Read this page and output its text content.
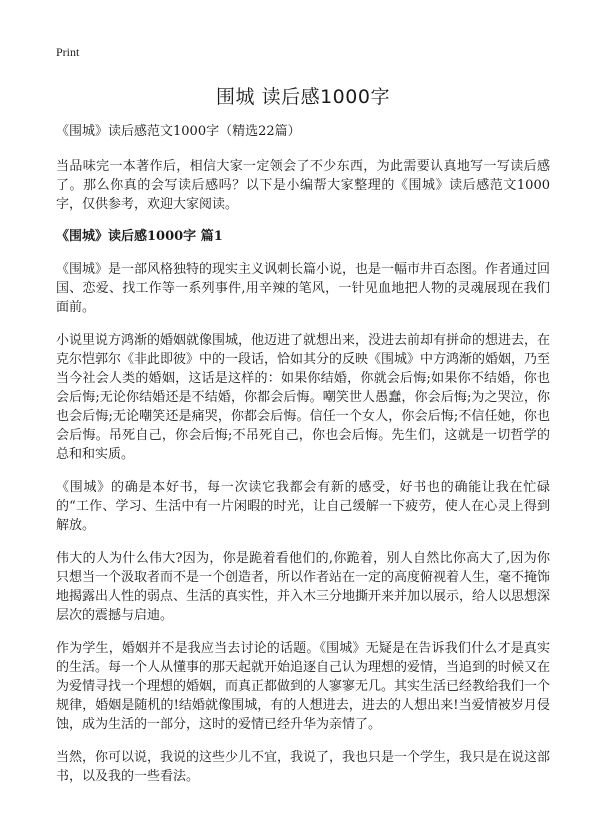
Print
围城 读后感1000字
《围城》读后感范文1000字（精选22篇）

当品味完一本著作后，相信大家一定领会了不少东西，为此需要认真地写一写读后感了。那么你真的会写读后感吗？以下是小编帮大家整理的《围城》读后感范文1000字，仅供参考，欢迎大家阅读。

《围城》读后感1000字 篇1

《围城》是一部风格独特的现实主义讽刺长篇小说，也是一幅市井百态图。作者通过回国、恋爱、找工作等一系列事件,用辛辣的笔风，一针见血地把人物的灵魂展现在我们面前。

小说里说方鸿渐的婚姻就像围城，他迈进了就想出来，没进去前却有拼命的想进去，在克尔恺郭尔《非此即彼》中的一段话，恰如其分的反映《围城》中方鸿渐的婚姻，乃至当今社会人类的婚姻，这话是这样的：如果你结婚，你就会后悔;如果你不结婚，你也会后悔;无论你结婚还是不结婚，你都会后悔。嘲笑世人愚蠢，你会后悔;为之哭泣，你也会后悔;无论嘲笑还是痛哭，你都会后悔。信任一个女人，你会后悔;不信任她，你也会后悔。吊死自己，你会后悔;不吊死自己，你也会后悔。先生们，这就是一切哲学的总和和实质。

《围城》的确是本好书，每一次读它我都会有新的感受，好书也的确能让我在忙碌的“工作、学习、生活中有一片闲暇的时光，让自己缓解一下疲劳，使人在心灵上得到解放。

伟大的人为什么伟大?因为，你是跪着看他们的,你跪着，别人自然比你高大了,因为你只想当一个汲取者而不是一个创造者，所以作者站在一定的高度俯视着人生，毫不掩饰地揭露出人性的弱点、生活的真实性，并入木三分地撕开来并加以展示，给人以思想深层次的震撼与启迪。

作为学生，婚姻并不是我应当去讨论的话题。《围城》无疑是在告诉我们什么才是真实的生活。每一个人从懂事的那天起就开始追逐自己认为理想的爱情，当追到的时候又在为爱情寻找一个理想的婚姻，而真正都做到的人寥寥无几。其实生活已经教给我们一个规律，婚姻是随机的!结婚就像围城，有的人想进去，进去的人想出来!当爱情被岁月侵蚀，成为生活的一部分，这时的爱情已经升华为亲情了。

当然，你可以说，我说的这些少儿不宜，我说了，我也只是一个学生，我只是在说这部书，以及我的一些看法。
